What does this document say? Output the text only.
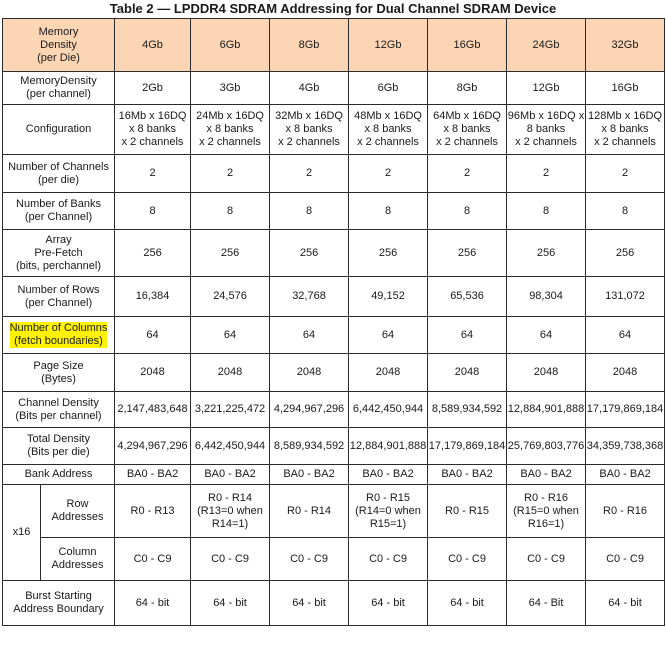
Table 2 — LPDDR4 SDRAM Addressing for Dual Channel SDRAM Device
Memory
Density
(per Die)		4Gb	6Gb	8Gb	12Gb	16Gb	24Gb	32Gb
MemoryDensity
(per channel)		2Gb	3Gb	4Gb	6Gb	8Gb	12Gb	16Gb
Configuration		16Mb x 16DQ
x 8 banks
x 2 channels	24Mb x 16DQ
x 8 banks
x 2 channels	32Mb x 16DQ
x 8 banks
x 2 channels	48Mb x 16DQ
x 8 banks
x 2 channels	64Mb x 16DQ
x 8 banks
x 2 channels	96Mb x 16DQ x
8 banks
x 2 channels	128Mb x 16DQ
x 8 banks
x 2 channels
Number of Channels
(per die)		2	2	2	2	2	2	2
Number of Banks
(per Channel)		8	8	8	8	8	8	8
Array
Pre-Fetch
(bits, perchannel)		256	256	256	256	256	256	256
Number of Rows
(per Channel)		16,384	24,576	32,768	49,152	65,536	98,304	131,072
Number of Columns
(fetch boundaries)		64	64	64	64	64	64	64
Page Size
(Bytes)		2048	2048	2048	2048	2048	2048	2048
Channel Density
(Bits per channel)		2,147,483,648	3,221,225,472	4,294,967,296	6,442,450,944	8,589,934,592	12,884,901,888	17,179,869,184
Total Density
(Bits per die)		4,294,967,296	6,442,450,944	8,589,934,592	12,884,901,888	17,179,869,184	25,769,803,776	34,359,738,368
Bank Address		BA0 - BA2	BA0 - BA2	BA0 - BA2	BA0 - BA2	BA0 - BA2	BA0 - BA2	BA0 - BA2
x16	Row
Addresses	R0 - R13	R0 - R14
(R13=0 when
R14=1)	R0 - R14	R0 - R15
(R14=0 when
R15=1)	R0 - R15	R0 - R16
(R15=0 when
R16=1)	R0 - R16
	Column
Addresses	C0 - C9	C0 - C9	C0 - C9	C0 - C9	C0 - C9	C0 - C9	C0 - C9
Burst Starting
Address Boundary		64 - bit	64 - bit	64 - bit	64 - bit	64 - bit	64 - Bit	64 - bit
